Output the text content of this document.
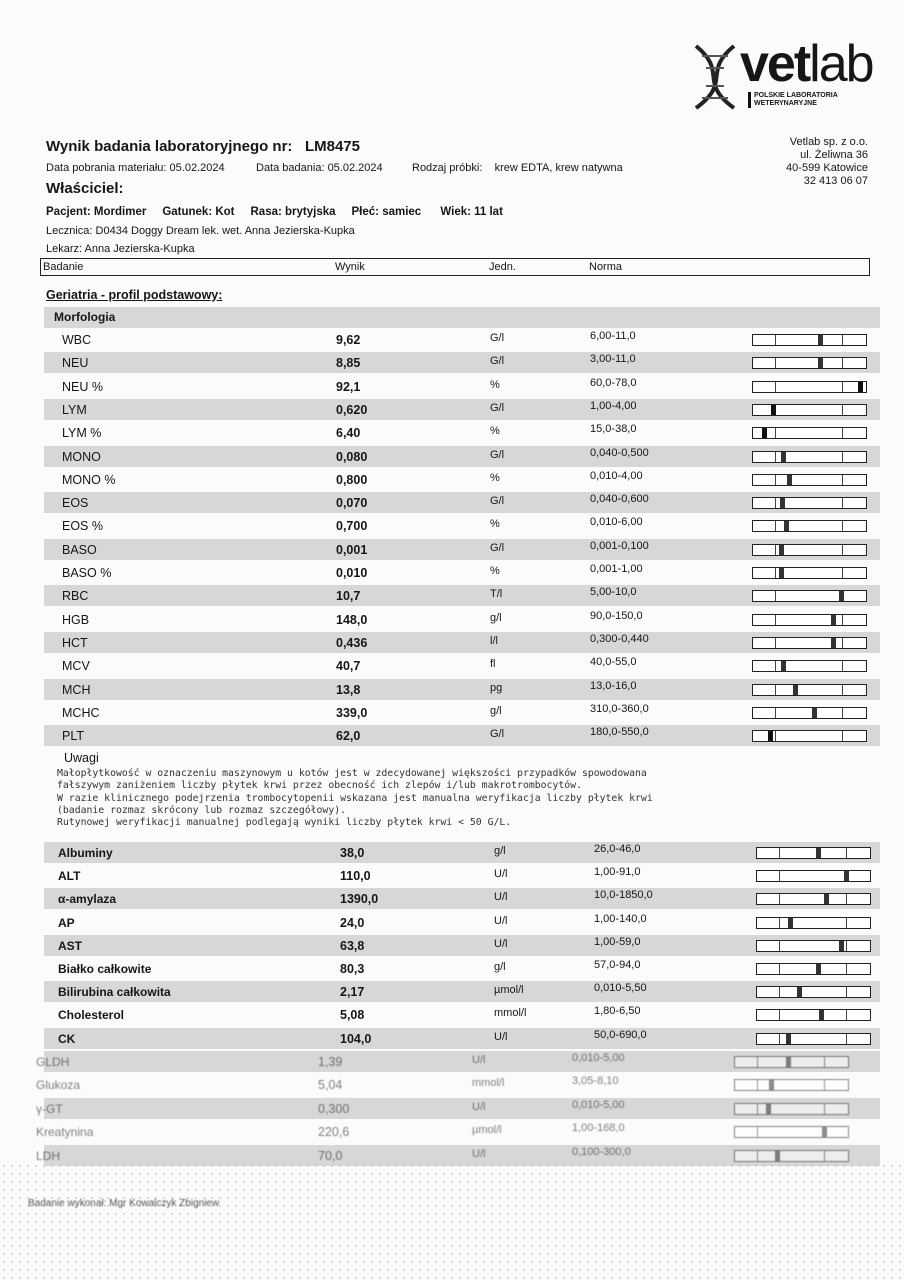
vetlab
POLSKIE LABORATORIA
WETERYNARYJNE
Wynik badania laboratoryjnego nr: LM8475
Data pobrania materiału: 05.02.2024	Data badania: 05.02.2024	Rodzaj próbki: krew EDTA, krew natywna
Właściciel:
Pacjent: Mordimer Gatunek: Kot Rasa: brytyjska Płeć: samiec Wiek: 11 lat
Lecznica: D0434 Doggy Dream lek. wet. Anna Jezierska-Kupka
Lekarz: Anna Jezierska-Kupka
Vetlab sp. z o.o.
ul. Żeliwna 36
40-599 Katowice
32 413 06 07
Badanie	Wynik	Jedn.	Norma
Geriatria - profil podstawowy:
Morfologia
WBC	9,62	G/l	6,00-11,0
NEU	8,85	G/l	3,00-11,0
NEU %	92,1	%	60,0-78,0
LYM	0,620	G/l	1,00-4,00
LYM %	6,40	%	15,0-38,0
MONO	0,080	G/l	0,040-0,500
MONO %	0,800	%	0,010-4,00
EOS	0,070	G/l	0,040-0,600
EOS %	0,700	%	0,010-6,00
BASO	0,001	G/l	0,001-0,100
BASO %	0,010	%	0,001-1,00
RBC	10,7	T/l	5,00-10,0
HGB	148,0	g/l	90,0-150,0
HCT	0,436	l/l	0,300-0,440
MCV	40,7	fl	40,0-55,0
MCH	13,8	pg	13,0-16,0
MCHC	339,0	g/l	310,0-360,0
PLT	62,0	G/l	180,0-550,0
Uwagi
Małopłytkowość w oznaczeniu maszynowym u kotów jest w zdecydowanej większości przypadków spowodowana
fałszywym zaniżeniem liczby płytek krwi przez obecność ich zlepów i/lub makrotrombocytów.
W razie klinicznego podejrzenia trombocytopenii wskazana jest manualna weryfikacja liczby płytek krwi
(badanie rozmaz skrócony lub rozmaz szczegółowy).
Rutynowej weryfikacji manualnej podlegają wyniki liczby płytek krwi < 50 G/L.
Albuminy	38,0	g/l	26,0-46,0
ALT	110,0	U/l	1,00-91,0
α-amylaza	1390,0	U/l	10,0-1850,0
AP	24,0	U/l	1,00-140,0
AST	63,8	U/l	1,00-59,0
Białko całkowite	80,3	g/l	57,0-94,0
Bilirubina całkowita	2,17	µmol/l	0,010-5,50
Cholesterol	5,08	mmol/l	1,80-6,50
CK	104,0	U/l	50,0-690,0
GLDH	1,39	U/l	0,010-5,00
Glukoza	5,04	mmol/l	3,05-8,10
γ-GT	0,300	U/l	0,010-5,00
Kreatynina	220,6	µmol/l	1,00-168,0
LDH	70,0	U/l	0,100-300,0
Badanie wykonał: Mgr Kowalczyk Zbigniew
